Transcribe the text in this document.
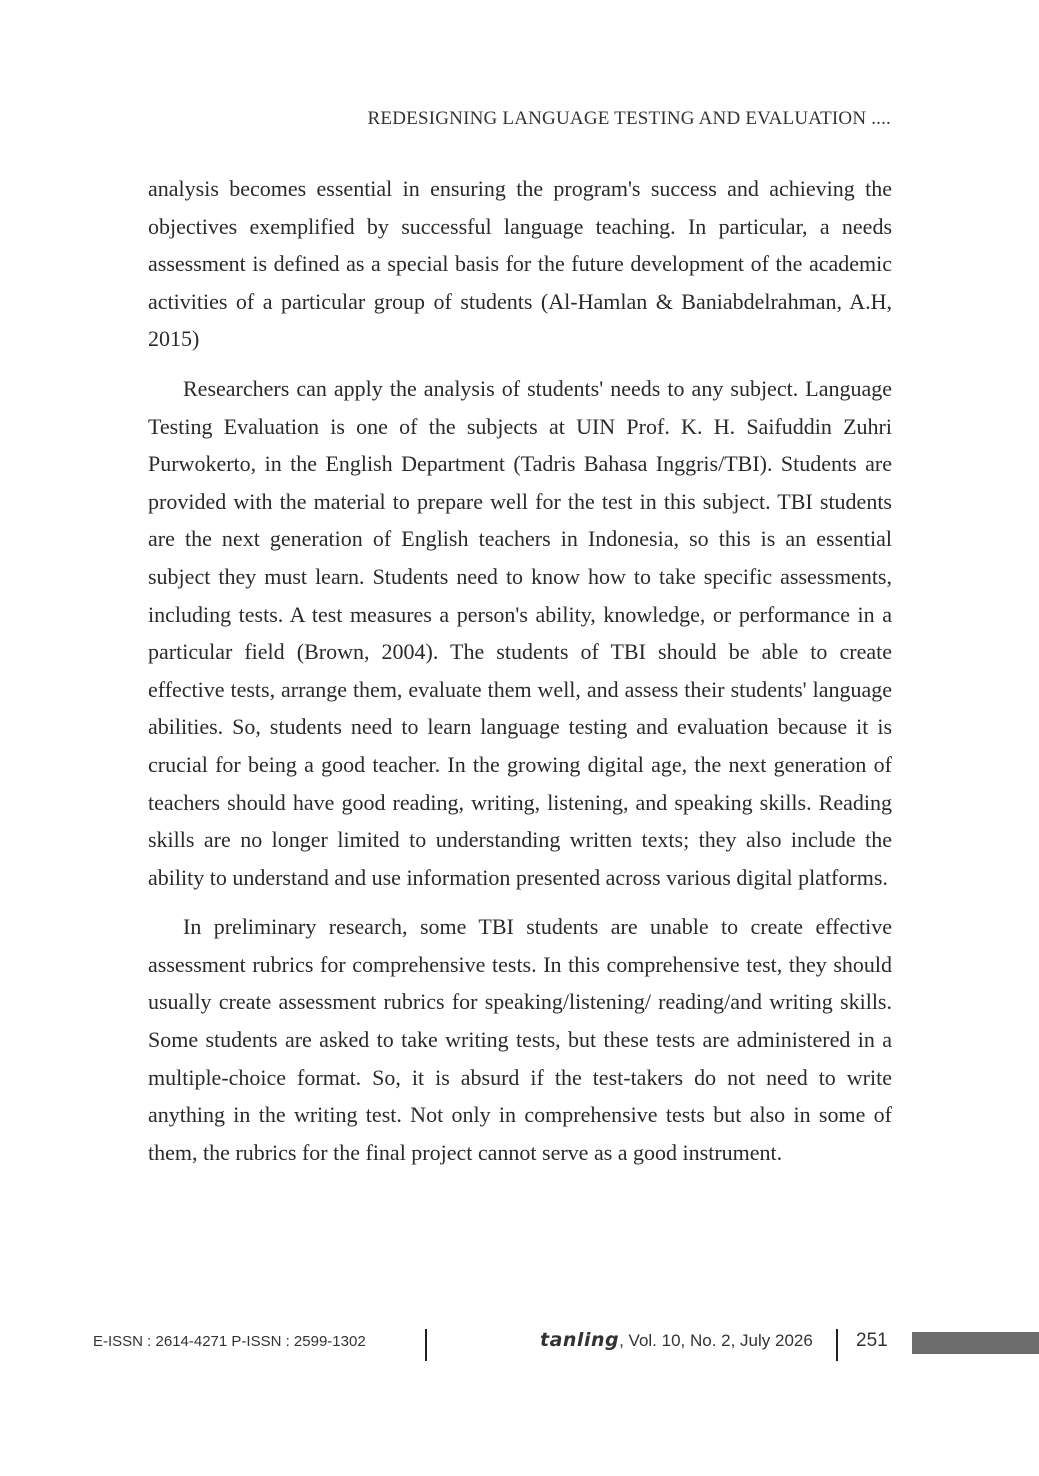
REDESIGNING LANGUAGE TESTING AND EVALUATION ....

analysis becomes essential in ensuring the program's success and achieving the objectives exemplified by successful language teaching. In particular, a needs assessment is defined as a special basis for the future development of the academic activities of a particular group of students (Al-Hamlan & Baniabdelrahman, A.H, 2015)

Researchers can apply the analysis of students' needs to any subject. Language Testing Evaluation is one of the subjects at UIN Prof. K. H. Saifuddin Zuhri Purwokerto, in the English Department (Tadris Bahasa Inggris/TBI). Students are provided with the material to prepare well for the test in this subject. TBI students are the next generation of English teachers in Indonesia, so this is an essential subject they must learn. Students need to know how to take specific assessments, including tests. A test measures a person's ability, knowledge, or performance in a particular field (Brown, 2004). The students of TBI should be able to create effective tests, arrange them, evaluate them well, and assess their students' language abilities. So, students need to learn language testing and evaluation because it is crucial for being a good teacher. In the growing digital age, the next generation of teachers should have good reading, writing, listening, and speaking skills. Reading skills are no longer limited to understanding written texts; they also include the ability to understand and use information presented across various digital platforms.

In preliminary research, some TBI students are unable to create effective assessment rubrics for comprehensive tests. In this comprehensive test, they should usually create assessment rubrics for speaking/listening/ reading/and writing skills. Some students are asked to take writing tests, but these tests are administered in a multiple-choice format. So, it is absurd if the test-takers do not need to write anything in the writing test. Not only in comprehensive tests but also in some of them, the rubrics for the final project cannot serve as a good instrument.

E-ISSN : 2614-4271 P-ISSN : 2599-1302	tanling, Vol. 10, No. 2, July 2026 251
